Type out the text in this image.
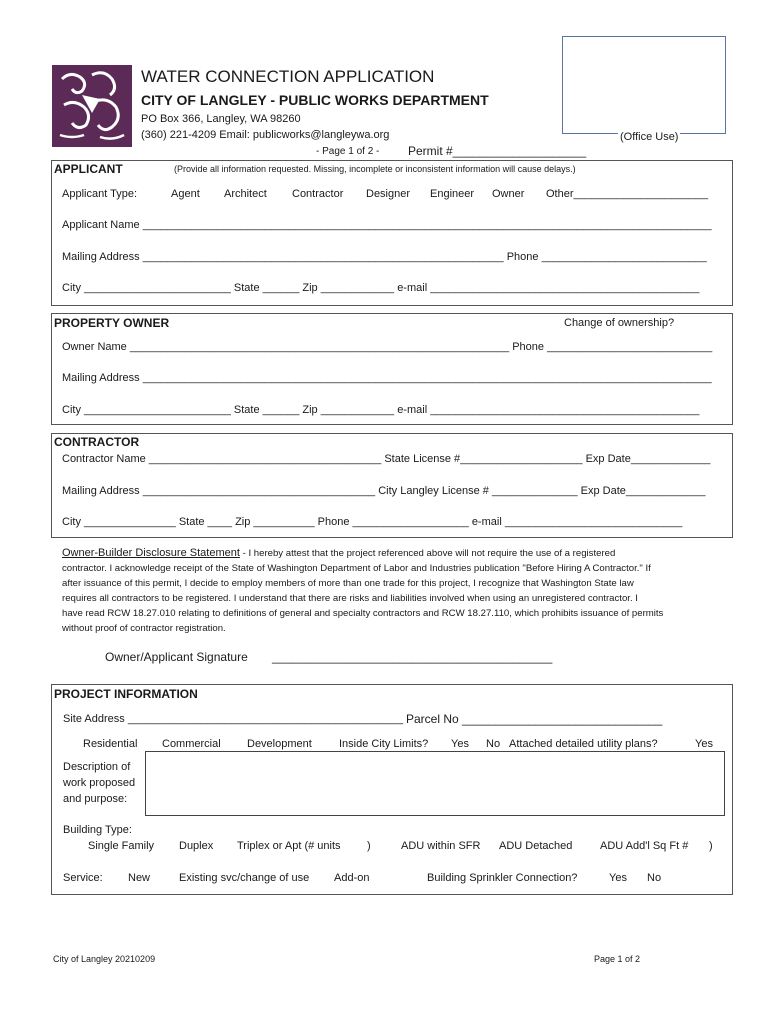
WATER CONNECTION APPLICATION
CITY OF LANGLEY - PUBLIC WORKS DEPARTMENT
PO Box 366, Langley, WA 98260
(360) 221-4209 Email: publicworks@langleywa.org
- Page 1 of 2 - Permit #____________________
(Office Use)
APPLICANT	(Provide all information requested. Missing, incomplete or inconsistent information will cause delays.)
Applicant Type:	Agent Architect Contractor Designer Engineer Owner Other______________________
Applicant Name _____________________________________________________________________________________________
Mailing Address ___________________________________________________________ Phone ___________________________
City ________________________ State ______ Zip ____________ e-mail ____________________________________________
PROPERTY OWNER	Change of ownership?
Owner Name ______________________________________________________________ Phone ___________________________
Mailing Address _____________________________________________________________________________________________
City ________________________ State ______ Zip ____________ e-mail ____________________________________________
CONTRACTOR
Contractor Name ______________________________________ State License #____________________ Exp Date_____________
Mailing Address ______________________________________ City Langley License # ______________ Exp Date_____________
City _______________ State ____ Zip __________ Phone ___________________ e-mail _____________________________

Owner-Builder Disclosure Statement - I hereby attest that the project referenced above will not require the use of a registered

contractor. I acknowledge receipt of the State of Washington Department of Labor and Industries publication "Before Hiring A Contractor." If

after issuance of this permit, I decide to employ members of more than one trade for this project, I recognize that Washington State law

requires all contractors to be registered. I understand that there are risks and liabilities involved when using an unregistered contractor. I

have read RCW 18.27.010 relating to definitions of general and specialty contractors and RCW 18.27.110, which prohibits issuance of permits

without proof of contractor registration.

Owner/Applicant Signature __________________________________________
PROJECT INFORMATION
Site Address _____________________________________________ Parcel No ______________________________
Residential Commercial Development Inside City Limits? Yes No Attached detailed utility plans?	Yes
Description of
work proposed
and purpose:
Building Type:
Single Family Duplex Triplex or Apt (# units )	ADU within SFR ADU Detached	ADU Add'l Sq Ft # )
Service: New	Existing svc/change of use Add-on	Building Sprinkler Connection?	Yes No
City of Langley 20210209	Page 1 of 2
